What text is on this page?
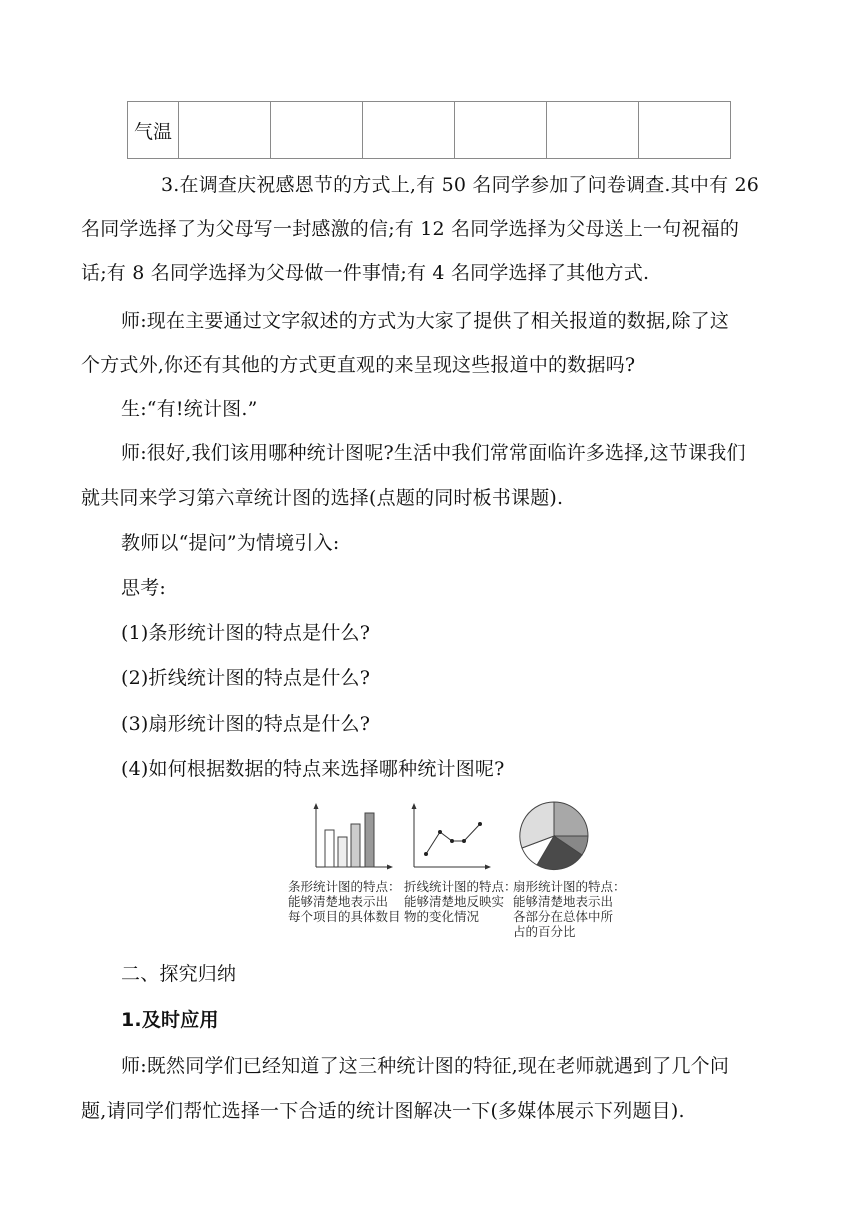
气温						
3.在调查庆祝感恩节的方式上,有 50 名同学参加了问卷调查.其中有 26
名同学选择了为父母写一封感激的信;有 12 名同学选择为父母送上一句祝福的
话;有 8 名同学选择为父母做一件事情;有 4 名同学选择了其他方式.
师:现在主要通过文字叙述的方式为大家了提供了相关报道的数据,除了这
个方式外,你还有其他的方式更直观的来呈现这些报道中的数据吗?
生:“有!统计图.”
师:很好,我们该用哪种统计图呢?生活中我们常常面临许多选择,这节课我们
就共同来学习第六章统计图的选择(点题的同时板书课题).
教师以“提问”为情境引入:
思考:
(1)条形统计图的特点是什么?
(2)折线统计图的特点是什么?
(3)扇形统计图的特点是什么?
(4)如何根据数据的特点来选择哪种统计图呢?
条形统计图的特点：
能够清楚地表示出
每个项目的具体数目
折线统计图的特点：
能够清楚地反映实
物的变化情况
扇形统计图的特点：
能够清楚地表示出
各部分在总体中所
占的百分比
二、探究归纳
1.及时应用
师:既然同学们已经知道了这三种统计图的特征,现在老师就遇到了几个问
题,请同学们帮忙选择一下合适的统计图解决一下(多媒体展示下列题目).
